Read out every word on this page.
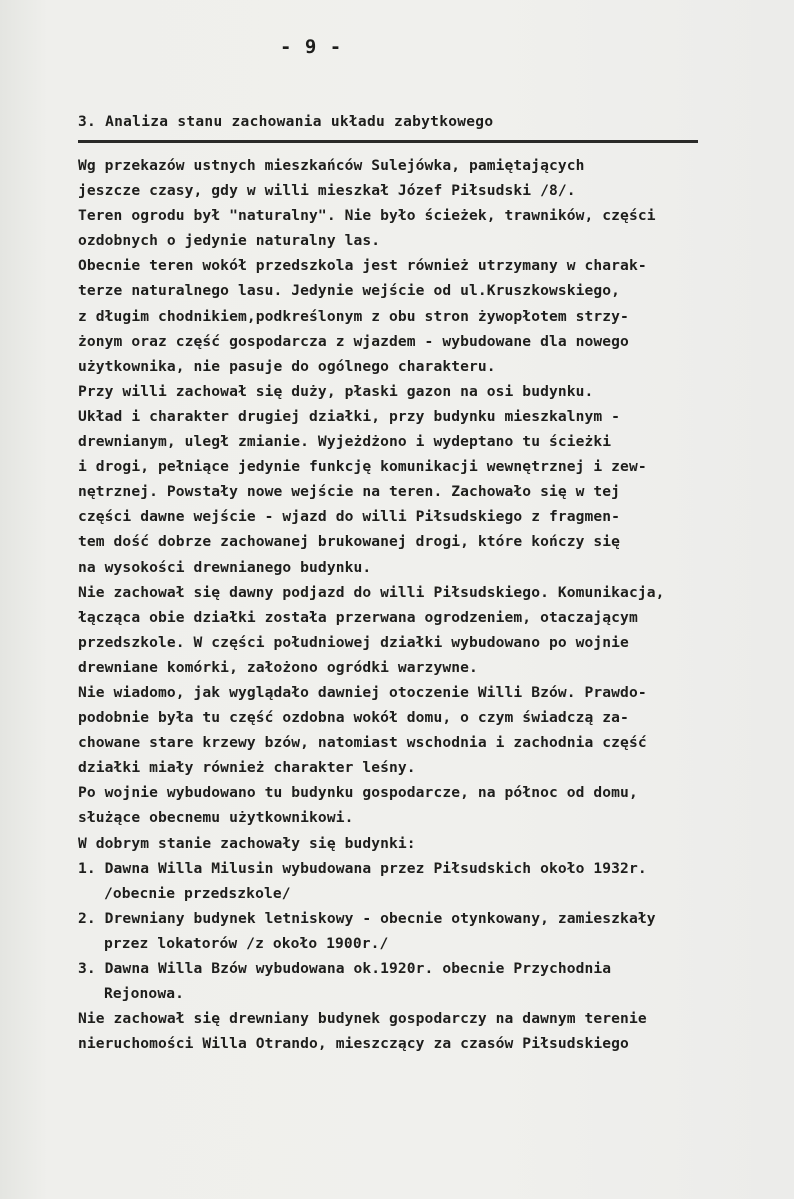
- 9 -
3. Analiza stanu zachowania układu zabytkowego
Wg przekazów ustnych mieszkańców Sulejówka, pamiętających
jeszcze czasy, gdy w willi mieszkał Józef Piłsudski /8/.
Teren ogrodu był "naturalny". Nie było ścieżek, trawników, części
ozdobnych o jedynie naturalny las.
Obecnie teren wokół przedszkola jest również utrzymany w charak-
terze naturalnego lasu. Jedynie wejście od ul.Kruszkowskiego,
z długim chodnikiem,podkreślonym z obu stron żywopłotem strzy-
żonym oraz część gospodarcza z wjazdem - wybudowane dla nowego
użytkownika, nie pasuje do ogólnego charakteru.
Przy willi zachował się duży, płaski gazon na osi budynku.
Układ i charakter drugiej działki, przy budynku mieszkalnym -
drewnianym, uległ zmianie. Wyjeżdżono i wydeptano tu ścieżki
i drogi, pełniące jedynie funkcję komunikacji wewnętrznej i zew-
nętrznej. Powstały nowe wejście na teren. Zachowało się w tej
części dawne wejście - wjazd do willi Piłsudskiego z fragmen-
tem dość dobrze zachowanej brukowanej drogi, które kończy się
na wysokości drewnianego budynku.
Nie zachował się dawny podjazd do willi Piłsudskiego. Komunikacja,
łącząca obie działki została przerwana ogrodzeniem, otaczającym
przedszkole. W części południowej działki wybudowano po wojnie
drewniane komórki, założono ogródki warzywne.
Nie wiadomo, jak wyglądało dawniej otoczenie Willi Bzów. Prawdo-
podobnie była tu część ozdobna wokół domu, o czym świadczą za-
chowane stare krzewy bzów, natomiast wschodnia i zachodnia część
działki miały również charakter leśny.
Po wojnie wybudowano tu budynku gospodarcze, na północ od domu,
służące obecnemu użytkownikowi.
W dobrym stanie zachowały się budynki:
1. Dawna Willa Milusin wybudowana przez Piłsudskich około 1932r.
/obecnie przedszkole/
2. Drewniany budynek letniskowy - obecnie otynkowany, zamieszkały
przez lokatorów /z około 1900r./
3. Dawna Willa Bzów wybudowana ok.1920r. obecnie Przychodnia
Rejonowa.
Nie zachował się drewniany budynek gospodarczy na dawnym terenie
nieruchomości Willa Otrando, mieszczący za czasów Piłsudskiego
